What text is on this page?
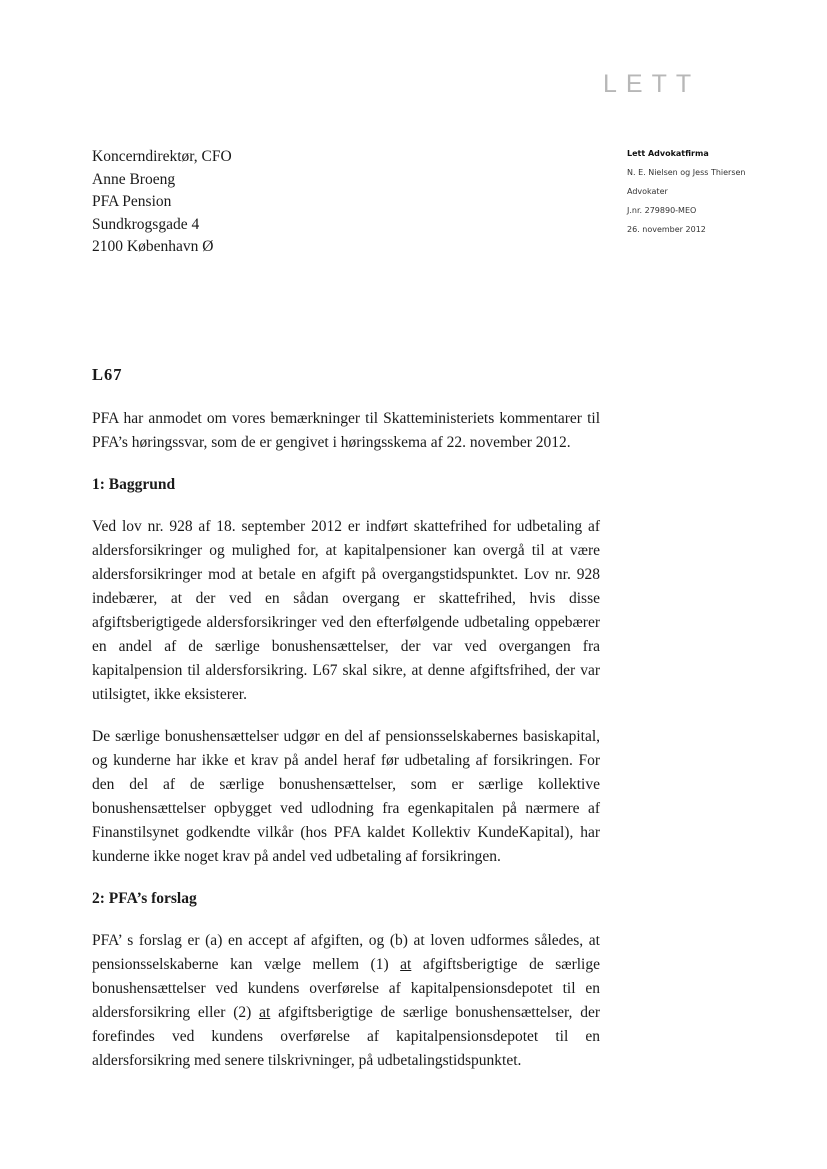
LETT
Koncerndirektør, CFO
Anne Broeng
PFA Pension
Sundkrogsgade 4
2100 København Ø
Lett Advokatfirma
N. E. Nielsen og Jess Thiersen
Advokater
J.nr. 279890-MEO
26. november 2012
L67

PFA har anmodet om vores bemærkninger til Skatteministeriets kommentarer til PFA’s høringssvar, som de er gengivet i høringsskema af 22. november 2012.

1: Baggrund

Ved lov nr. 928 af 18. september 2012 er indført skattefrihed for udbetaling af aldersforsikringer og mulighed for, at kapitalpensioner kan overgå til at være aldersforsikringer mod at betale en afgift på overgangstidspunktet. Lov nr. 928 indebærer, at der ved en sådan overgang er skattefrihed, hvis disse afgiftsberigtigede aldersforsikringer ved den efterfølgende udbetaling oppebærer en andel af de særlige bonushensættelser, der var ved overgangen fra kapitalpension til aldersforsikring. L67 skal sikre, at denne afgiftsfrihed, der var utilsigtet, ikke eksisterer.

De særlige bonushensættelser udgør en del af pensionsselskabernes basiskapital, og kunderne har ikke et krav på andel heraf før udbetaling af forsikringen. For den del af de særlige bonushensættelser, som er særlige kollektive bonushensættelser opbygget ved udlodning fra egenkapitalen på nærmere af Finanstilsynet godkendte vilkår (hos PFA kaldet Kollektiv KundeKapital), har kunderne ikke noget krav på andel ved udbetaling af forsikringen.

2: PFA’s forslag

PFA’ s forslag er (a) en accept af afgiften, og (b) at loven udformes således, at pensionsselskaberne kan vælge mellem (1) at afgiftsberigtige de særlige bonushensættelser ved kundens overførelse af kapitalpensionsdepotet til en aldersforsikring eller (2) at afgiftsberigtige de særlige bonushensættelser, der forefindes ved kundens overførelse af kapitalpensionsdepotet til en aldersforsikring med senere tilskrivninger, på udbetalingstidspunktet.
